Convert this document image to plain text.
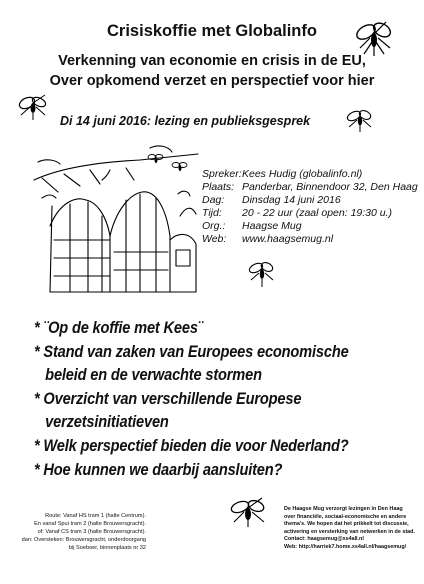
Crisiskoffie met Globalinfo
Verkenning van economie en crisis in de EU,
Over opkomend verzet en perspectief voor hier
Di 14 juni 2016: lezing en publieksgesprek
Spreker: Kees Hudig (globalinfo.nl)
Plaats: Panderbar, Binnendoor 32, Den Haag
Dag:	Dinsdag 14 juni 2016
Tijd:	20 - 22 uur (zaal open: 19:30 u.)
Org.:	Haagse Mug
Web:	www.haagsemug.nl
* ¨Op de koffie met Kees¨
* Stand van zaken van Europees economische
beleid en de verwachte stormen
* Overzicht van verschillende Europese
verzetsinitiatieven
* Welk perspectief bieden die voor Nederland?
* Hoe kunnen we daarbij aansluiten?
Route: Vanaf HS tram 1 (halte Centrum).
En vanaf Spui tram 2 (halte Brouwersgracht).
of: Vanaf CS tram 3 (halte Brouwersgracht).
dan: Oversteken: Brouwersgracht, onderdoorgang
bij Soeboer, binnenplaats nr 32
De Haagse Mug verzorgt lezingen in Den Haag
over financiële, sociaal-economische en andere
thema's. We hopen dat het prikkelt tot discussie,
activering en versterking van netwerken in de stad.
Contact: haagsemug@xs4all.nl
Web: http://harriek7.home.xs4all.nl/haagsemug/
